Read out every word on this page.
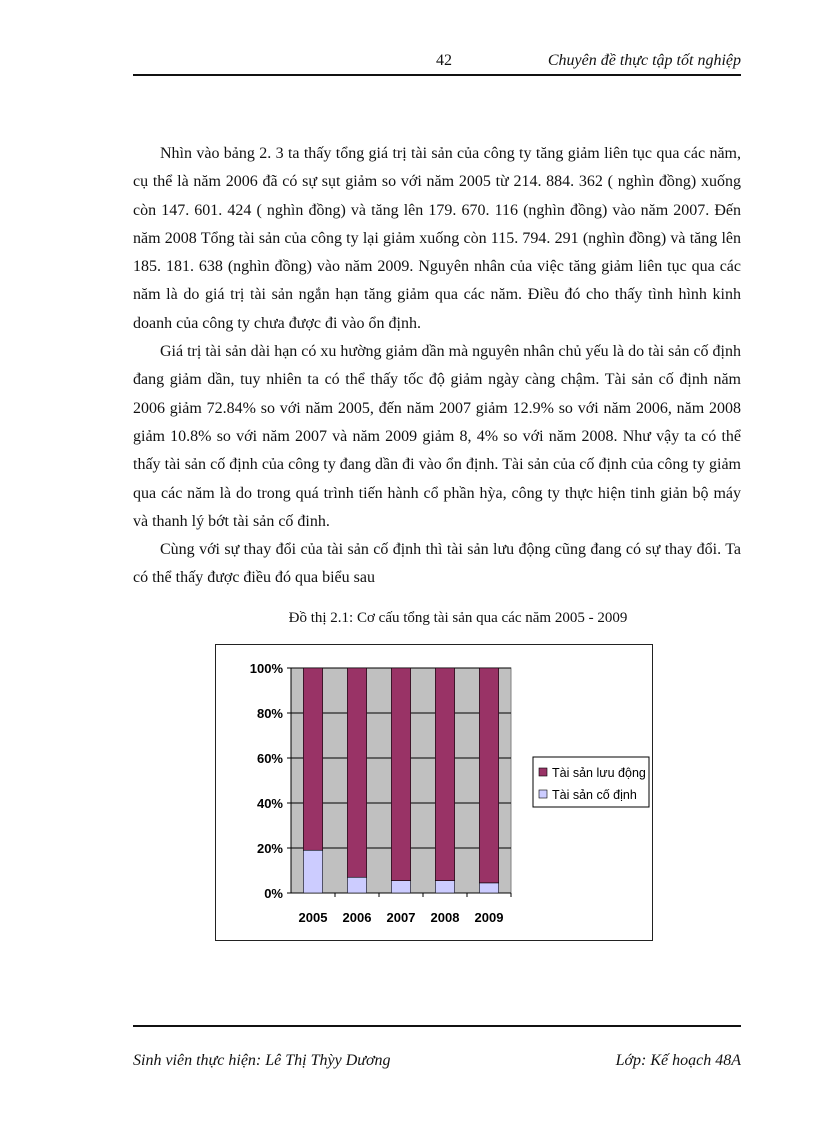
42	Chuyên đề thực tập tốt nghiệp

Nhìn vào bảng 2. 3 ta thấy tổng giá trị tài sản của công ty tăng giảm liên tục qua các năm, cụ thể là năm 2006 đã có sự sụt giảm so với năm 2005 từ 214. 884. 362 ( nghìn đồng) xuống còn 147. 601. 424 ( nghìn đồng) và tăng lên 179. 670. 116 (nghìn đồng) vào năm 2007. Đến năm 2008 Tổng tài sản của công ty lại giảm xuống còn 115. 794. 291 (nghìn đồng) và tăng lên 185. 181. 638 (nghìn đồng) vào năm 2009. Nguyên nhân của việc tăng giảm liên tục qua các năm là do giá trị tài sản ngắn hạn tăng giảm qua các năm. Điều đó cho thấy tình hình kinh doanh của công ty chưa được đi vào ổn định.

Giá trị tài sản dài hạn có xu hường giảm dần mà nguyên nhân chủ yếu là do tài sản cố định đang giảm dần, tuy nhiên ta có thể thấy tốc độ giảm ngày càng chậm. Tài sản cố định năm 2006 giảm 72.84% so với năm 2005, đến năm 2007 giảm 12.9% so với năm 2006, năm 2008 giảm 10.8% so với năm 2007 và năm 2009 giảm 8, 4% so với năm 2008. Như vậy ta có thể thấy tài sản cố định của công ty đang dần đi vào ổn định. Tài sản của cố định của công ty giảm qua các năm là do trong quá trình tiến hành cổ phần hỳa, công ty thực hiện tinh giản bộ máy và thanh lý bớt tài sản cố đinh.

Cùng với sự thay đổi của tài sản cố định thì tài sản lưu động cũng đang có sự thay đổi. Ta có thể thấy được điều đó qua biểu sau

Đồ thị 2.1: Cơ cấu tổng tài sản qua các năm 2005 - 2009
0%
20%
40%
60%
80%
100%
2005 2006 2007 2008 2009
Tài sản lưu động
Tài sản cố định
Sinh viên thực hiện: Lê Thị Thỳy Dương	Lớp: Kế hoạch 48A
